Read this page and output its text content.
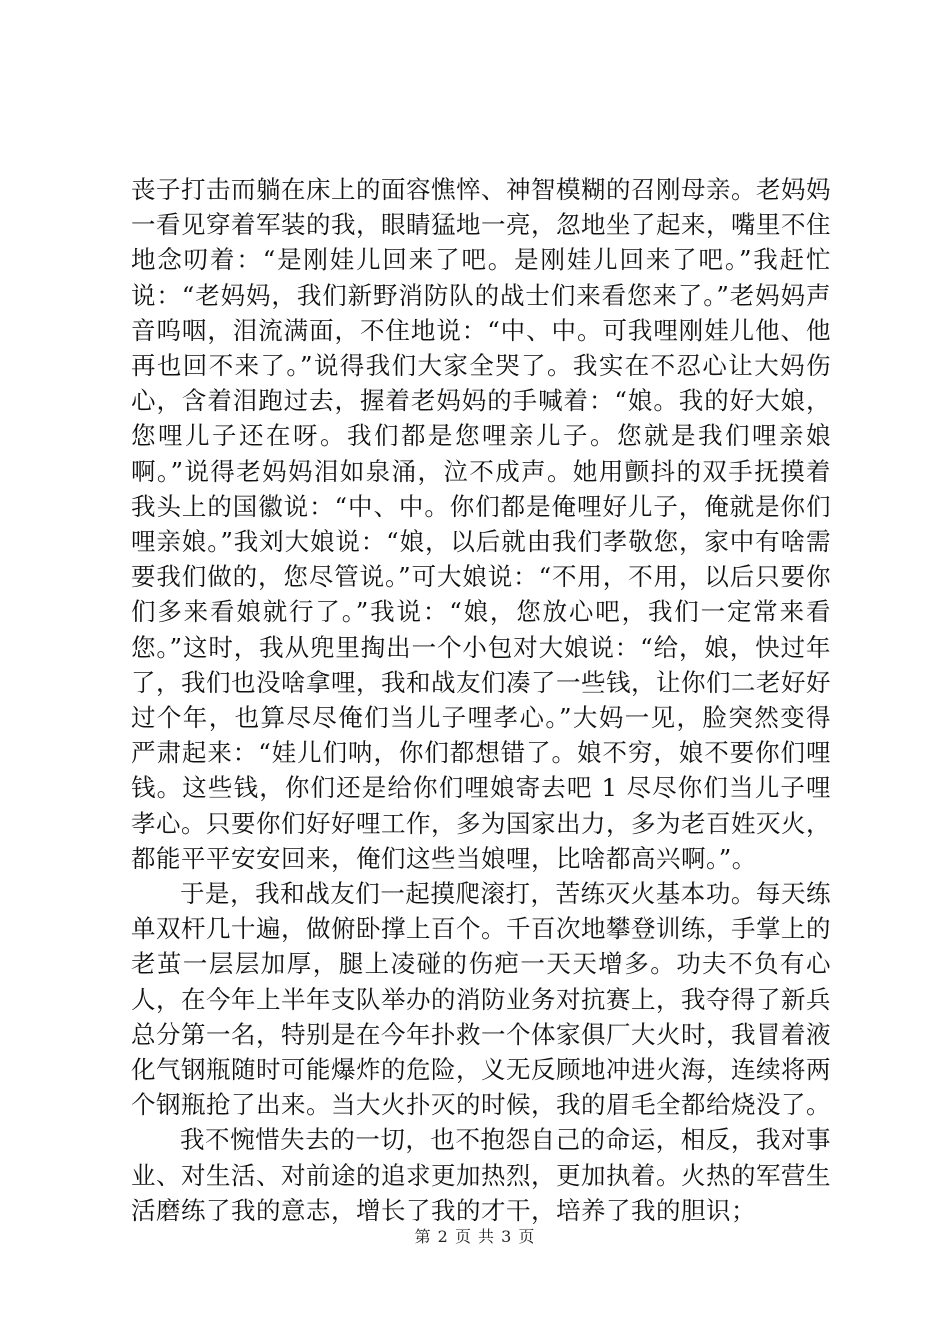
丧子打击而躺在床上的面容憔悴、神智模糊的召刚母亲。老妈妈一看见穿着军装的我，眼睛猛地一亮，忽地坐了起来，嘴里不住地念叨着：“是刚娃儿回来了吧。是刚娃儿回来了吧。”我赶忙说：“老妈妈，我们新野消防队的战士们来看您来了。”老妈妈声音呜咽，泪流满面，不住地说：“中、中。可我哩刚娃儿他、他再也回不来了。”说得我们大家全哭了。我实在不忍心让大妈伤心，含着泪跑过去，握着老妈妈的手喊着：“娘。我的好大娘，您哩儿子还在呀。我们都是您哩亲儿子。您就是我们哩亲娘啊。”说得老妈妈泪如泉涌，泣不成声。她用颤抖的双手抚摸着我头上的国徽说：“中、中。你们都是俺哩好儿子，俺就是你们哩亲娘。”我刘大娘说：“娘，以后就由我们孝敬您，家中有啥需要我们做的，您尽管说。”可大娘说：“不用，不用，以后只要你们多来看娘就行了。”我说：“娘，您放心吧，我们一定常来看您。”这时，我从兜里掏出一个小包对大娘说：“给，娘，快过年了，我们也没啥拿哩，我和战友们凑了一些钱，让你们二老好好过个年，也算尽尽俺们当儿子哩孝心。”大妈一见，脸突然变得严肃起来：“娃儿们呐，你们都想错了。娘不穷，娘不要你们哩钱。这些钱，你们还是给你们哩娘寄去吧 1 尽尽你们当儿子哩孝心。只要你们好好哩工作，多为国家出力，多为老百姓灭火，都能平平安安回来，俺们这些当娘哩，比啥都高兴啊。”。

于是，我和战友们一起摸爬滚打，苦练灭火基本功。每天练单双杆几十遍，做俯卧撑上百个。千百次地攀登训练，手掌上的老茧一层层加厚，腿上凌碰的伤疤一天天增多。功夫不负有心人，在今年上半年支队举办的消防业务对抗赛上，我夺得了新兵总分第一名，特别是在今年扑救一个体家俱厂大火时，我冒着液化气钢瓶随时可能爆炸的危险，义无反顾地冲进火海，连续将两个钢瓶抢了出来。当大火扑灭的时候，我的眉毛全都给烧没了。

我不惋惜失去的一切，也不抱怨自己的命运，相反，我对事业、对生活、对前途的追求更加热烈，更加执着。火热的军营生活磨练了我的意志，增长了我的才干，培养了我的胆识；

第 2 页 共 3 页
